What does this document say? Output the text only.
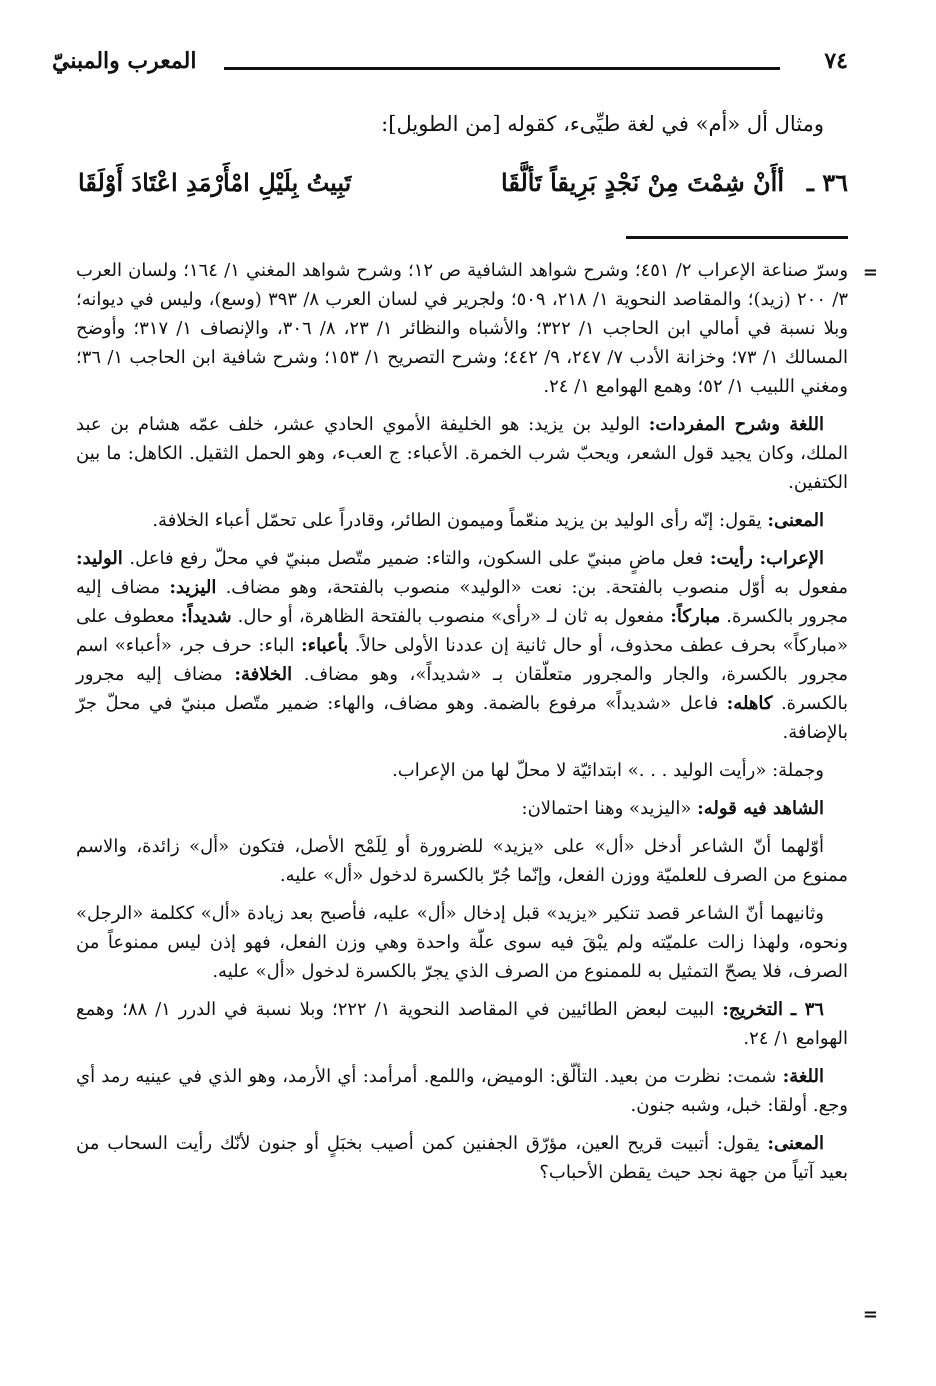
٧٤
المعرب والمبنيّ
ومثال أل «أم» في لغة طيِّىء، كقوله [من الطويل]:
٣٦ ـ
أأَنْ شِمْتَ مِنْ نَجْدٍ بَرِيقاً تَألَّقَا
تَبِيتُ بِلَيْلِ امْأَرْمَدِ اعْتَادَ أَوْلَقَا
=
=

وسرّ صناعة الإعراب ٢/ ٤٥١؛ وشرح شواهد الشافية ص ١٢؛ وشرح شواهد المغني ١/ ١٦٤؛ ولسان العرب ٣/ ٢٠٠ (زيد)؛ والمقاصد النحوية ١/ ٢١٨، ٥٠٩؛ ولجرير في لسان العرب ٨/ ٣٩٣ (وسع)، وليس في ديوانه؛ وبلا نسبة في أمالي ابن الحاجب ١/ ٣٢٢؛ والأشباه والنظائر ١/ ٢٣، ٨/ ٣٠٦، والإنصاف ١/ ٣١٧؛ وأوضح المسالك ١/ ٧٣؛ وخزانة الأدب ٧/ ٢٤٧، ٩/ ٤٤٢؛ وشرح التصريح ١/ ١٥٣؛ وشرح شافية ابن الحاجب ١/ ٣٦؛ ومغني اللبيب ١/ ٥٢؛ وهمع الهوامع ١/ ٢٤.

اللغة وشرح المفردات: الوليد بن يزيد: هو الخليفة الأموي الحادي عشر، خلف عمّه هشام بن عبد الملك، وكان يجيد قول الشعر، ويحبّ شرب الخمرة. الأعباء: ج العبء، وهو الحمل الثقيل. الكاهل: ما بين الكتفين.

المعنى: يقول: إنّه رأى الوليد بن يزيد منعّماً وميمون الطائر، وقادراً على تحمّل أعباء الخلافة.

الإعراب: رأيت: فعل ماضٍ مبنيّ على السكون، والتاء: ضمير متّصل مبنيّ في محلّ رفع فاعل. الوليد: مفعول به أوّل منصوب بالفتحة. بن: نعت «الوليد» منصوب بالفتحة، وهو مضاف. اليزيد: مضاف إليه مجرور بالكسرة. مباركاً: مفعول به ثان لـ «رأى» منصوب بالفتحة الظاهرة، أو حال. شديداً: معطوف على «مباركاً» بحرف عطف محذوف، أو حال ثانية إن عددنا الأولى حالاً. بأعباء: الباء: حرف جر، «أعباء» اسم مجرور بالكسرة، والجار والمجرور متعلّقان بـ «شديداً»، وهو مضاف. الخلافة: مضاف إليه مجرور بالكسرة. كاهله: فاعل «شديداً» مرفوع بالضمة. وهو مضاف، والهاء: ضمير متّصل مبنيّ في محلّ جرّ بالإضافة.

وجملة: «رأيت الوليد . . .» ابتدائيّة لا محلّ لها من الإعراب.

الشاهد فيه قوله: «اليزيد» وهنا احتمالان:

أوّلهما أنّ الشاعر أدخل «أل» على «يزيد» للضرورة أو لِلَمْح الأصل، فتكون «أل» زائدة، والاسم ممنوع من الصرف للعلميّة ووزن الفعل، وإنّما جُرّ بالكسرة لدخول «أل» عليه.

وثانيهما أنّ الشاعر قصد تنكير «يزيد» قبل إدخال «أل» عليه، فأصبح بعد زيادة «أل» ككلمة «الرجل» ونحوه، ولهذا زالت علميّته ولم يبْقَ فيه سوى علّة واحدة وهي وزن الفعل، فهو إذن ليس ممنوعاً من الصرف، فلا يصحّ التمثيل به للممنوع من الصرف الذي يجرّ بالكسرة لدخول «أل» عليه.

٣٦ ـ التخريج: البيت لبعض الطائيين في المقاصد النحوية ١/ ٢٢٢؛ وبلا نسبة في الدرر ١/ ٨٨؛ وهمع الهوامع ١/ ٢٤.

اللغة: شمت: نظرت من بعيد. التألّق: الوميض، واللمع. أمرأمد: أي الأرمد، وهو الذي في عينيه رمد أي وجع. أولقا: خبل، وشبه جنون.

المعنى: يقول: أتبيت قريح العين، مؤرّق الجفنين كمن أصيب بخبَلٍ أو جنون لأنّك رأيت السحاب من بعيد آتياً من جهة نجد حيث يقطن الأحباب؟
